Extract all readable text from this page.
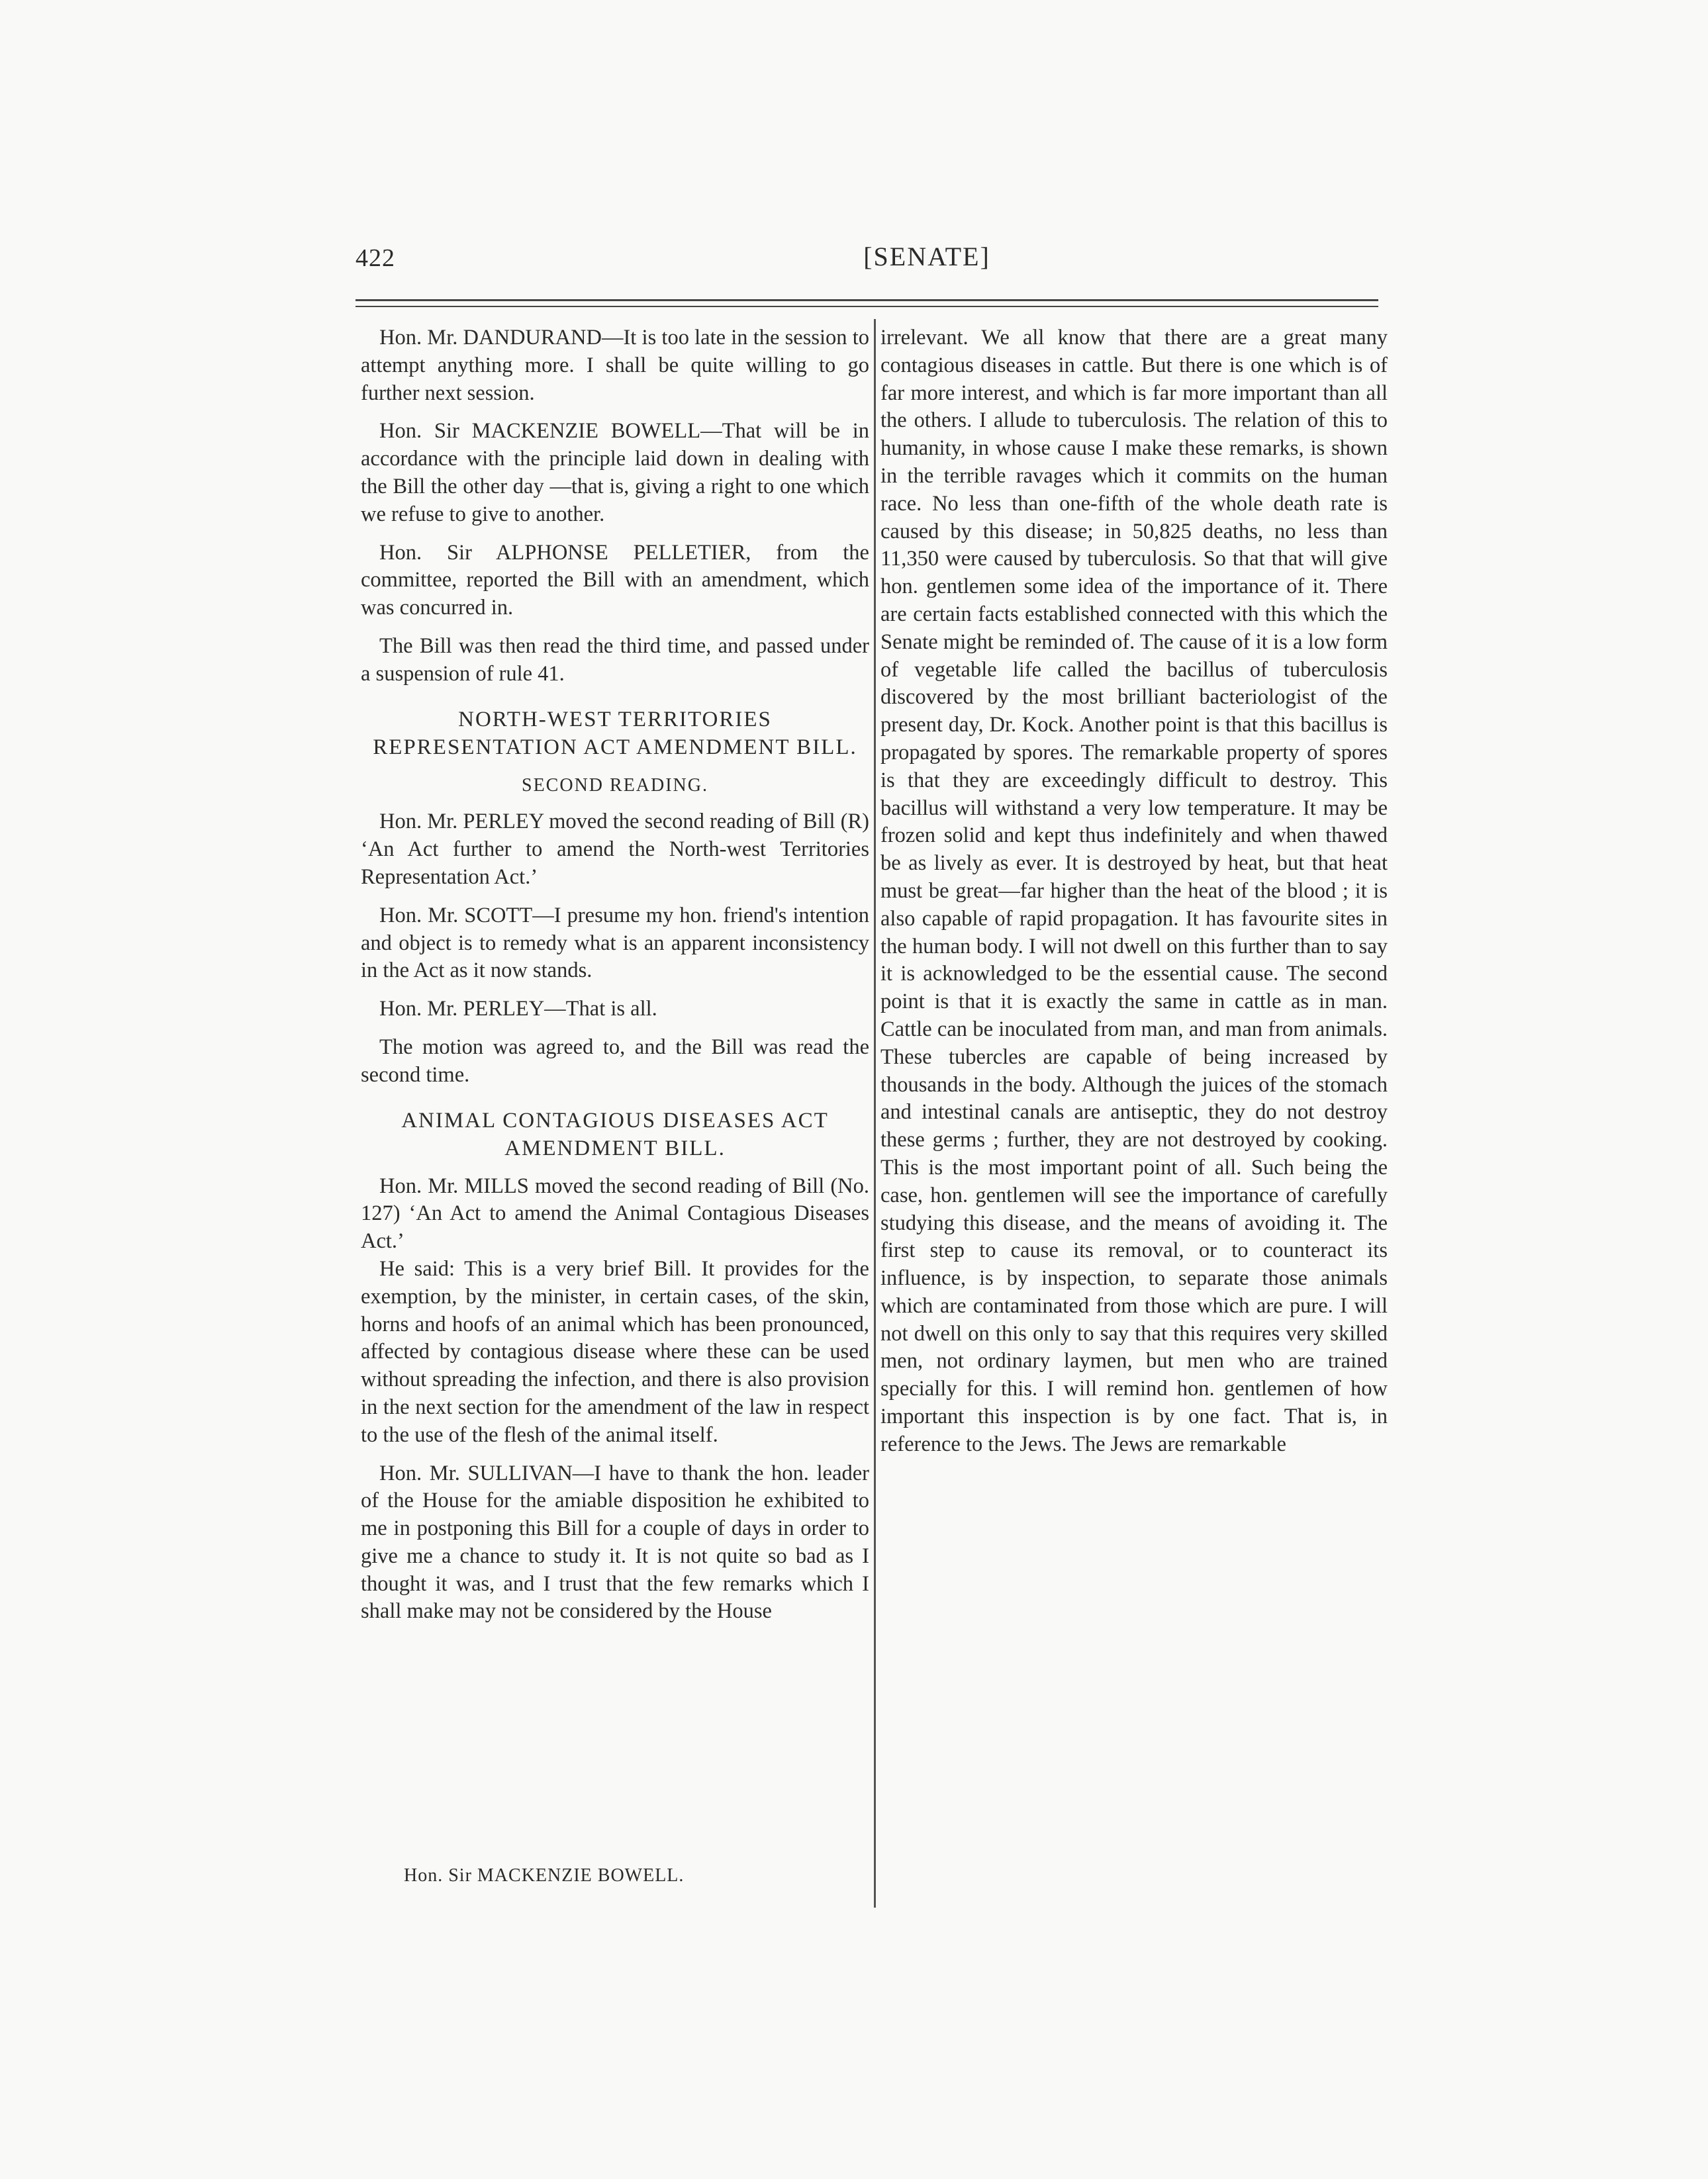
422	[SENATE]

Hon. Mr. DANDURAND—It is too late in the session to attempt anything more. I shall be quite willing to go further next session.

Hon. Sir MACKENZIE BOWELL—That will be in accordance with the principle laid down in dealing with the Bill the other day —that is, giving a right to one which we refuse to give to another.

Hon. Sir ALPHONSE PELLETIER, from the committee, reported the Bill with an amendment, which was concurred in.

The Bill was then read the third time, and passed under a suspension of rule 41.

NORTH-WEST TERRITORIES REPRESENTATION ACT AMENDMENT BILL.
SECOND READING.

Hon. Mr. PERLEY moved the second reading of Bill (R) ‘An Act further to amend the North-west Territories Representation Act.’

Hon. Mr. SCOTT—I presume my hon. friend's intention and object is to remedy what is an apparent inconsistency in the Act as it now stands.

Hon. Mr. PERLEY—That is all.

The motion was agreed to, and the Bill was read the second time.

ANIMAL CONTAGIOUS DISEASES ACT AMENDMENT BILL.

Hon. Mr. MILLS moved the second reading of Bill (No. 127) ‘An Act to amend the Animal Contagious Diseases Act.’

He said: This is a very brief Bill. It provides for the exemption, by the minister, in certain cases, of the skin, horns and hoofs of an animal which has been pronounced, affected by contagious disease where these can be used without spreading the infection, and there is also provision in the next section for the amendment of the law in respect to the use of the flesh of the animal itself.

Hon. Mr. SULLIVAN—I have to thank the hon. leader of the House for the amiable disposition he exhibited to me in postponing this Bill for a couple of days in order to give me a chance to study it. It is not quite so bad as I thought it was, and I trust that the few remarks which I shall make may not be considered by the House

irrelevant. We all know that there are a great many contagious diseases in cattle. But there is one which is of far more interest, and which is far more important than all the others. I allude to tuberculosis. The relation of this to humanity, in whose cause I make these remarks, is shown in the terrible ravages which it commits on the human race. No less than one-fifth of the whole death rate is caused by this disease; in 50,825 deaths, no less than 11,350 were caused by tuberculosis. So that that will give hon. gentlemen some idea of the importance of it. There are certain facts established connected with this which the Senate might be reminded of. The cause of it is a low form of vegetable life called the bacillus of tuberculosis discovered by the most brilliant bacteriologist of the present day, Dr. Kock. Another point is that this bacillus is propagated by spores. The remarkable property of spores is that they are exceedingly difficult to destroy. This bacillus will withstand a very low temperature. It may be frozen solid and kept thus indefinitely and when thawed be as lively as ever. It is destroyed by heat, but that heat must be great—far higher than the heat of the blood ; it is also capable of rapid propagation. It has favourite sites in the human body. I will not dwell on this further than to say it is acknowledged to be the essential cause. The second point is that it is exactly the same in cattle as in man. Cattle can be inoculated from man, and man from animals. These tubercles are capable of being increased by thousands in the body. Although the juices of the stomach and intestinal canals are antiseptic, they do not destroy these germs ; further, they are not destroyed by cooking. This is the most important point of all. Such being the case, hon. gentlemen will see the importance of carefully studying this disease, and the means of avoiding it. The first step to cause its removal, or to counteract its influence, is by inspection, to separate those animals which are contaminated from those which are pure. I will not dwell on this only to say that this requires very skilled men, not ordinary laymen, but men who are trained specially for this. I will remind hon. gentlemen of how important this inspection is by one fact. That is, in reference to the Jews. The Jews are remarkable

Hon. Sir MACKENZIE BOWELL.
